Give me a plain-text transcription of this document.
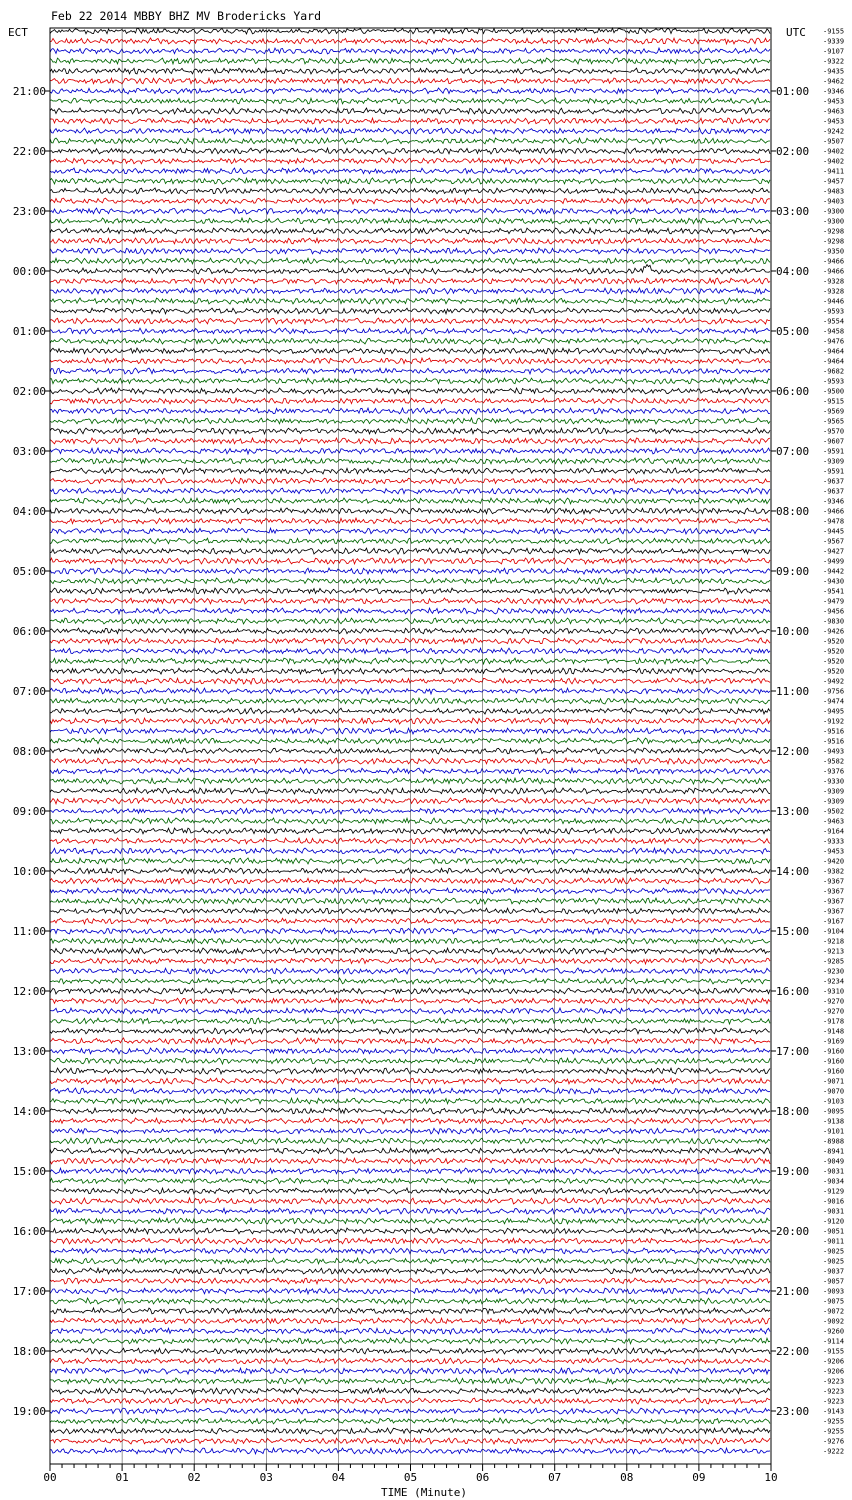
00	01	02	03	04	05	06	07	08	09	10
21:00
22:00
23:00
00:00
01:00
02:00
03:00
04:00
05:00
06:00
07:00
08:00
09:00
10:00
11:00
12:00
13:00
14:00
15:00
16:00
17:00
18:00
19:00
01:00
02:00
03:00
04:00
05:00
06:00
07:00
08:00
09:00
10:00
11:00
12:00
13:00
14:00
15:00
16:00
17:00
18:00
19:00
20:00
21:00
22:00
23:00
-9155
-9339
-9107
-9322
-9435
-9462
-9346
-9453
-9463
-9453
-9242
-9507
-9402
-9402
-9411
-9457
-9483
-9403
-9300
-9300
-9298
-9298
-9350
-9466
-9466
-9328
-9328
-9446
-9593
-9554
-9458
-9476
-9464
-9464
-9682
-9593
-9500
-9515
-9569
-9565
-9570
-9607
-9591
-9309
-9591
-9637
-9637
-9346
-9466
-9478
-9445
-9567
-9427
-9499
-9442
-9430
-9541
-9479
-9456
-9830
-9426
-9520
-9520
-9520
-9520
-9492
-9756
-9474
-9495
-9192
-9516
-9516
-9493
-9582
-9376
-9330
-9309
-9309
-9502
-9463
-9164
-9333
-9453
-9420
-9382
-9367
-9367
-9367
-9367
-9167
-9104
-9218
-9213
-9285
-9230
-9234
-9310
-9270
-9270
-9178
-9148
-9169
-9160
-9160
-9160
-9071
-9070
-9103
-9095
-9138
-9101
-8988
-8941
-9049
-9031
-9034
-9129
-9016
-9031
-9120
-9051
-9011
-9025
-9025
-9037
-9057
-9093
-9075
-9072
-9092
-9260
-9114
-9155
-9206
-9206
-9223
-9223
-9223
-9143
-9255
-9255
-9276
-9222
Feb 22 2014 MBBY BHZ MV Brodericks Yard
ECT	UTC
TIME (Minute)
